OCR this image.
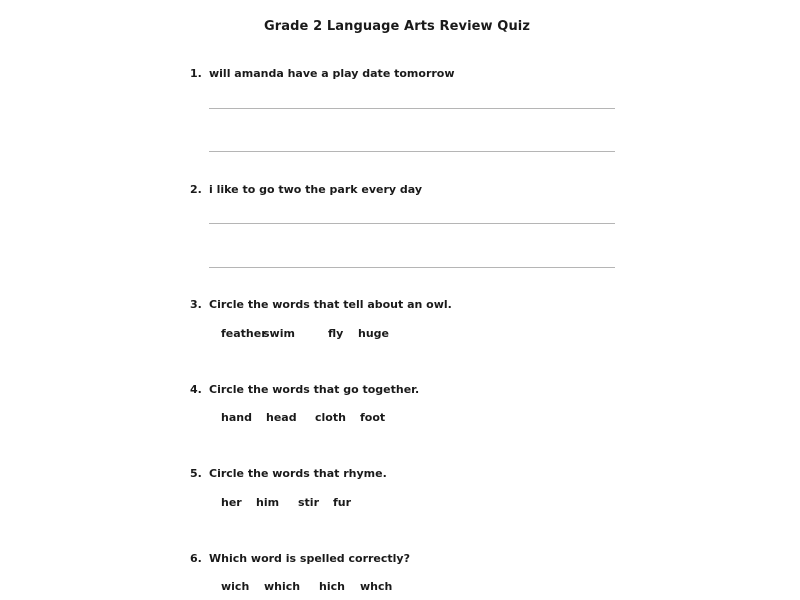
Grade 2 Language Arts Review Quiz
1. will amanda have a play date tomorrow
2. i like to go two the park every day
3. Circle the words that tell about an owl.
feather
swim	fly huge
4. Circle the words that go together.
hand head cloth foot
5. Circle the words that rhyme.
her him stir fur
6. Which word is spelled correctly?
wich which hich whch
